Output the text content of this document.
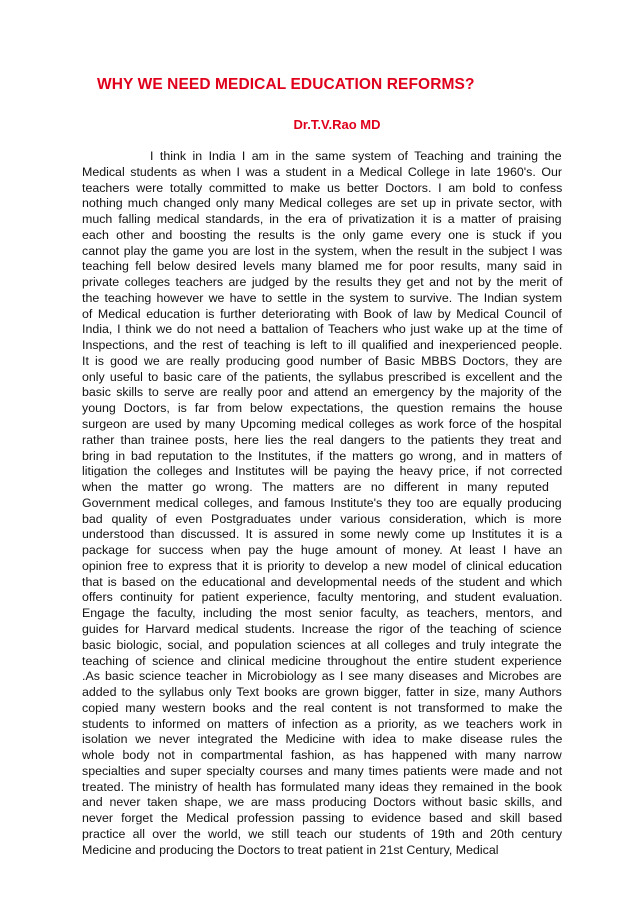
WHY WE NEED MEDICAL EDUCATION REFORMS?
Dr.T.V.Rao MD
I think in India I am in the same system of Teaching and training the
Medical students as when I was a student in a Medical College in late 1960's. Our
teachers were totally committed to make us better Doctors. I am bold to confess
nothing much changed only many Medical colleges are set up in private sector, with
much falling medical standards, in the era of privatization it is a matter of praising
each other and boosting the results is the only game every one is stuck if you
cannot play the game you are lost in the system, when the result in the subject I was
teaching fell below desired levels many blamed me for poor results, many said in
private colleges teachers are judged by the results they get and not by the merit of
the teaching however we have to settle in the system to survive. The Indian system
of Medical education is further deteriorating with Book of law by Medical Council of
India, I think we do not need a battalion of Teachers who just wake up at the time of
Inspections, and the rest of teaching is left to ill qualified and inexperienced people.
It is good we are really producing good number of Basic MBBS Doctors, they are
only useful to basic care of the patients, the syllabus prescribed is excellent and the
basic skills to serve are really poor and attend an emergency by the majority of the
young Doctors, is far from below expectations, the question remains the house
surgeon are used by many Upcoming medical colleges as work force of the hospital
rather than trainee posts, here lies the real dangers to the patients they treat and
bring in bad reputation to the Institutes, if the matters go wrong, and in matters of
litigation the colleges and Institutes will be paying the heavy price, if not corrected
when the matter go wrong. The matters are no different in many reputed
Government medical colleges, and famous Institute's they too are equally producing
bad quality of even Postgraduates under various consideration, which is more
understood than discussed. It is assured in some newly come up Institutes it is a
package for success when pay the huge amount of money. At least I have an
opinion free to express that it is priority to develop a new model of clinical education
that is based on the educational and developmental needs of the student and which
offers continuity for patient experience, faculty mentoring, and student evaluation.
Engage the faculty, including the most senior faculty, as teachers, mentors, and
guides for Harvard medical students. Increase the rigor of the teaching of science
basic biologic, social, and population sciences at all colleges and truly integrate the
teaching of science and clinical medicine throughout the entire student experience
.As basic science teacher in Microbiology as I see many diseases and Microbes are
added to the syllabus only Text books are grown bigger, fatter in size, many Authors
copied many western books and the real content is not transformed to make the
students to informed on matters of infection as a priority, as we teachers work in
isolation we never integrated the Medicine with idea to make disease rules the
whole body not in compartmental fashion, as has happened with many narrow
specialties and super specialty courses and many times patients were made and not
treated. The ministry of health has formulated many ideas they remained in the book
and never taken shape, we are mass producing Doctors without basic skills, and
never forget the Medical profession passing to evidence based and skill based
practice all over the world, we still teach our students of 19th and 20th century
Medicine and producing the Doctors to treat patient in 21st Century, Medical
